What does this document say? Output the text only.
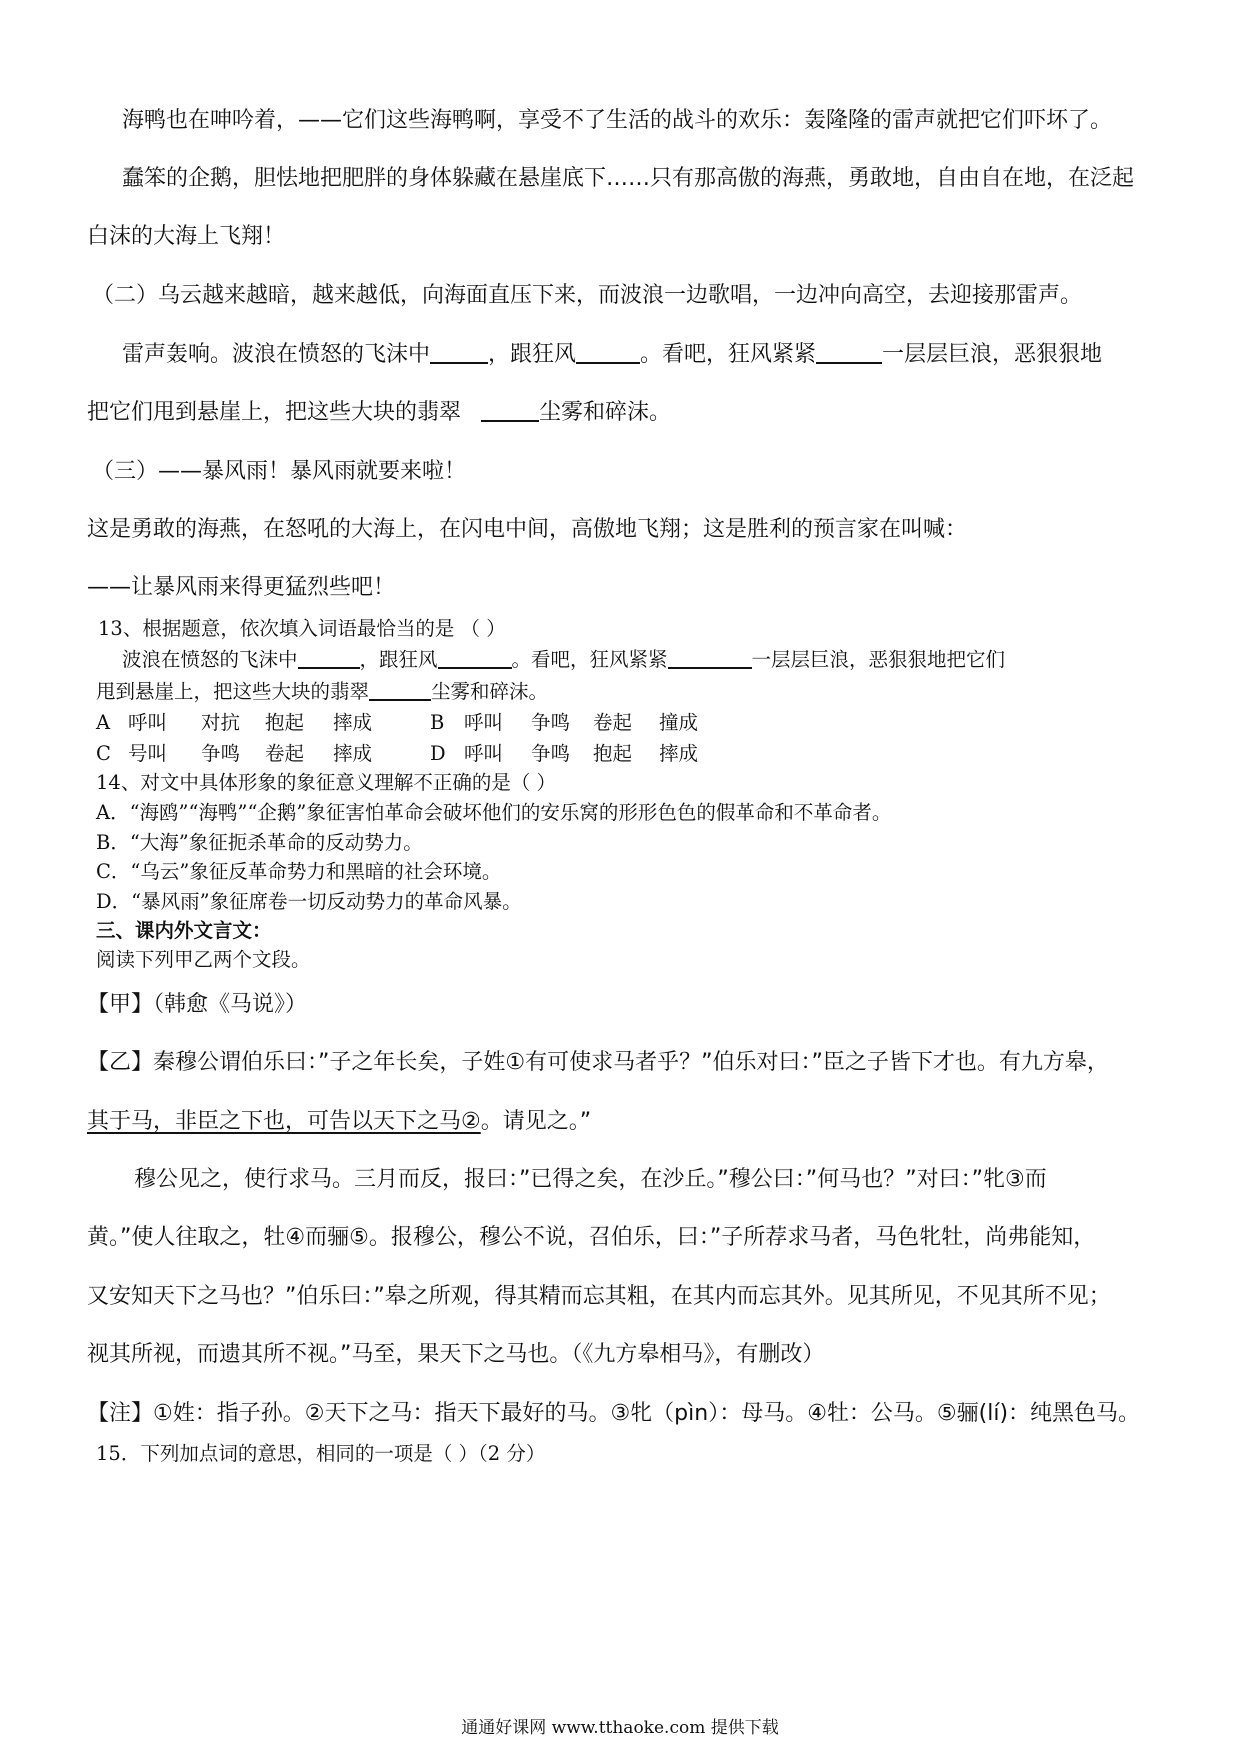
海鸭也在呻吟着，——它们这些海鸭啊，享受不了生活的战斗的欢乐：轰隆隆的雷声就把它们吓坏了。
蠢笨的企鹅，胆怯地把肥胖的身体躲藏在悬崖底下……只有那高傲的海燕，勇敢地，自由自在地，在泛起
白沫的大海上飞翔！
（二）乌云越来越暗，越来越低，向海面直压下来，而波浪一边歌唱，一边冲向高空，去迎接那雷声。
雷声轰响。波浪在愤怒的飞沫中	，跟狂风	。看吧，狂风紧紧	一层层巨浪，恶狠狠地
把它们甩到悬崖上，把这些大块的翡翠	尘雾和碎沫。
（三）——暴风雨！暴风雨就要来啦！
这是勇敢的海燕，在怒吼的大海上，在闪电中间，高傲地飞翔；这是胜利的预言家在叫喊：
——让暴风雨来得更猛烈些吧！
13、根据题意，依次填入词语最恰当的是 （ ）
波浪在愤怒的飞沫中	，跟狂风	。看吧，狂风紧紧	一层层巨浪，恶狠狠地把它们
甩到悬崖上，把这些大块的翡翠	尘雾和碎沫。
A 呼叫 对抗 抱起 摔成	B 呼叫 争鸣 卷起 撞成
C 号叫 争鸣 卷起 摔成	D 呼叫 争鸣 抱起 摔成
14、对文中具体形象的象征意义理解不正确的是（ ）
A．“海鸥”“海鸭”“企鹅”象征害怕革命会破坏他们的安乐窝的形形色色的假革命和不革命者。
B．“大海”象征扼杀革命的反动势力。
C．“乌云”象征反革命势力和黑暗的社会环境。
D．“暴风雨”象征席卷一切反动势力的革命风暴。
三、课内外文言文：
阅读下列甲乙两个文段。
【甲】（韩愈《马说》）
【乙】秦穆公谓伯乐曰：”子之年长矣，子姓①有可使求马者乎？”伯乐对曰：”臣之子皆下才也。有九方皋，
其于马，非臣之下也，可告以天下之马②。请见之。”
穆公见之，使行求马。三月而反，报曰：”已得之矣，在沙丘。”穆公曰：”何马也？”对曰：”牝③而
黄。”使人往取之，牡④而骊⑤。报穆公，穆公不说，召伯乐，曰：”子所荐求马者，马色牝牡，尚弗能知，
又安知天下之马也？”伯乐曰：”皋之所观，得其精而忘其粗，在其内而忘其外。见其所见，不见其所不见；
视其所视，而遗其所不视。”马至，果天下之马也。（《九方皋相马》，有删改）
【注】①姓：指子孙。②天下之马：指天下最好的马。③牝（pìn）：母马。④牡：公马。⑤骊(lí)：纯黑色马。
15．下列加点词的意思，相同的一项是（ ）（2 分）
通通好课网 www.tthaoke.com 提供下载
